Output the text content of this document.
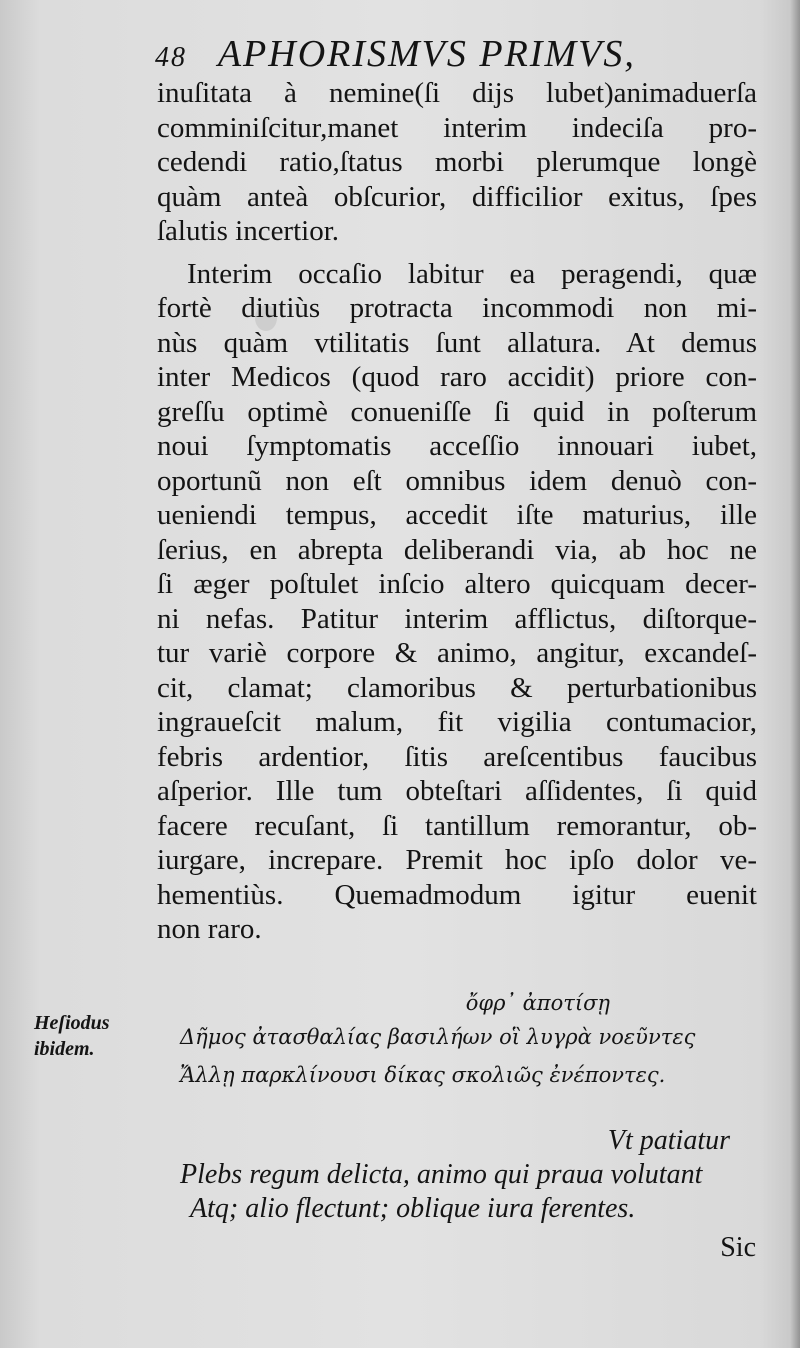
48 APHORISMVS PRIMVS,
inuſitata à nemine(ſi dijs lubet)animaduerſa
comminiſcitur,manet interim indeciſa pro-
cedendi ratio,ſtatus morbi plerumque longè
quàm anteà obſcurior, difficilior exitus, ſpes
ſalutis incertior.
Interim occaſio labitur ea peragendi, quæ
fortè diutiùs protracta incommodi non mi-
nùs quàm vtilitatis ſunt allatura. At demus
inter Medicos (quod raro accidit) priore con-
greſſu optimè conueniſſe ſi quid in poſterum
noui ſymptomatis acceſſio innouari iubet,
oportunũ non eſt omnibus idem denuò con-
ueniendi tempus, accedit iſte maturius, ille
ſerius, en abrepta deliberandi via, ab hoc ne
ſi æger poſtulet inſcio altero quicquam decer-
ni nefas. Patitur interim afflictus, diſtorque-
tur variè corpore & animo, angitur, excandeſ-
cit, clamat; clamoribus & perturbationibus
ingraueſcit malum, fit vigilia contumacior,
febris ardentior, ſitis areſcentibus faucibus
aſperior. Ille tum obteſtari aſſidentes, ſi quid
facere recuſant, ſi tantillum remorantur, ob-
iurgare, increpare. Premit hoc ipſo dolor ve-
hementiùs. Quemadmodum igitur euenit
non raro.
Heſiodus
ibidem.
ὄφρ᾽ ἀποτίσῃ
Δῆμος ἀτασθαλίας βασιλήων οἳ λυγρὰ νοεῦντες
Ἄλλῃ παρκλίνουσι δίκας σκολιῶς ἐνέποντες.
Vt patiatur
Plebs regum delicta, animo qui praua volutant
Atq; alio flectunt; oblique iura ferentes.
Sic
